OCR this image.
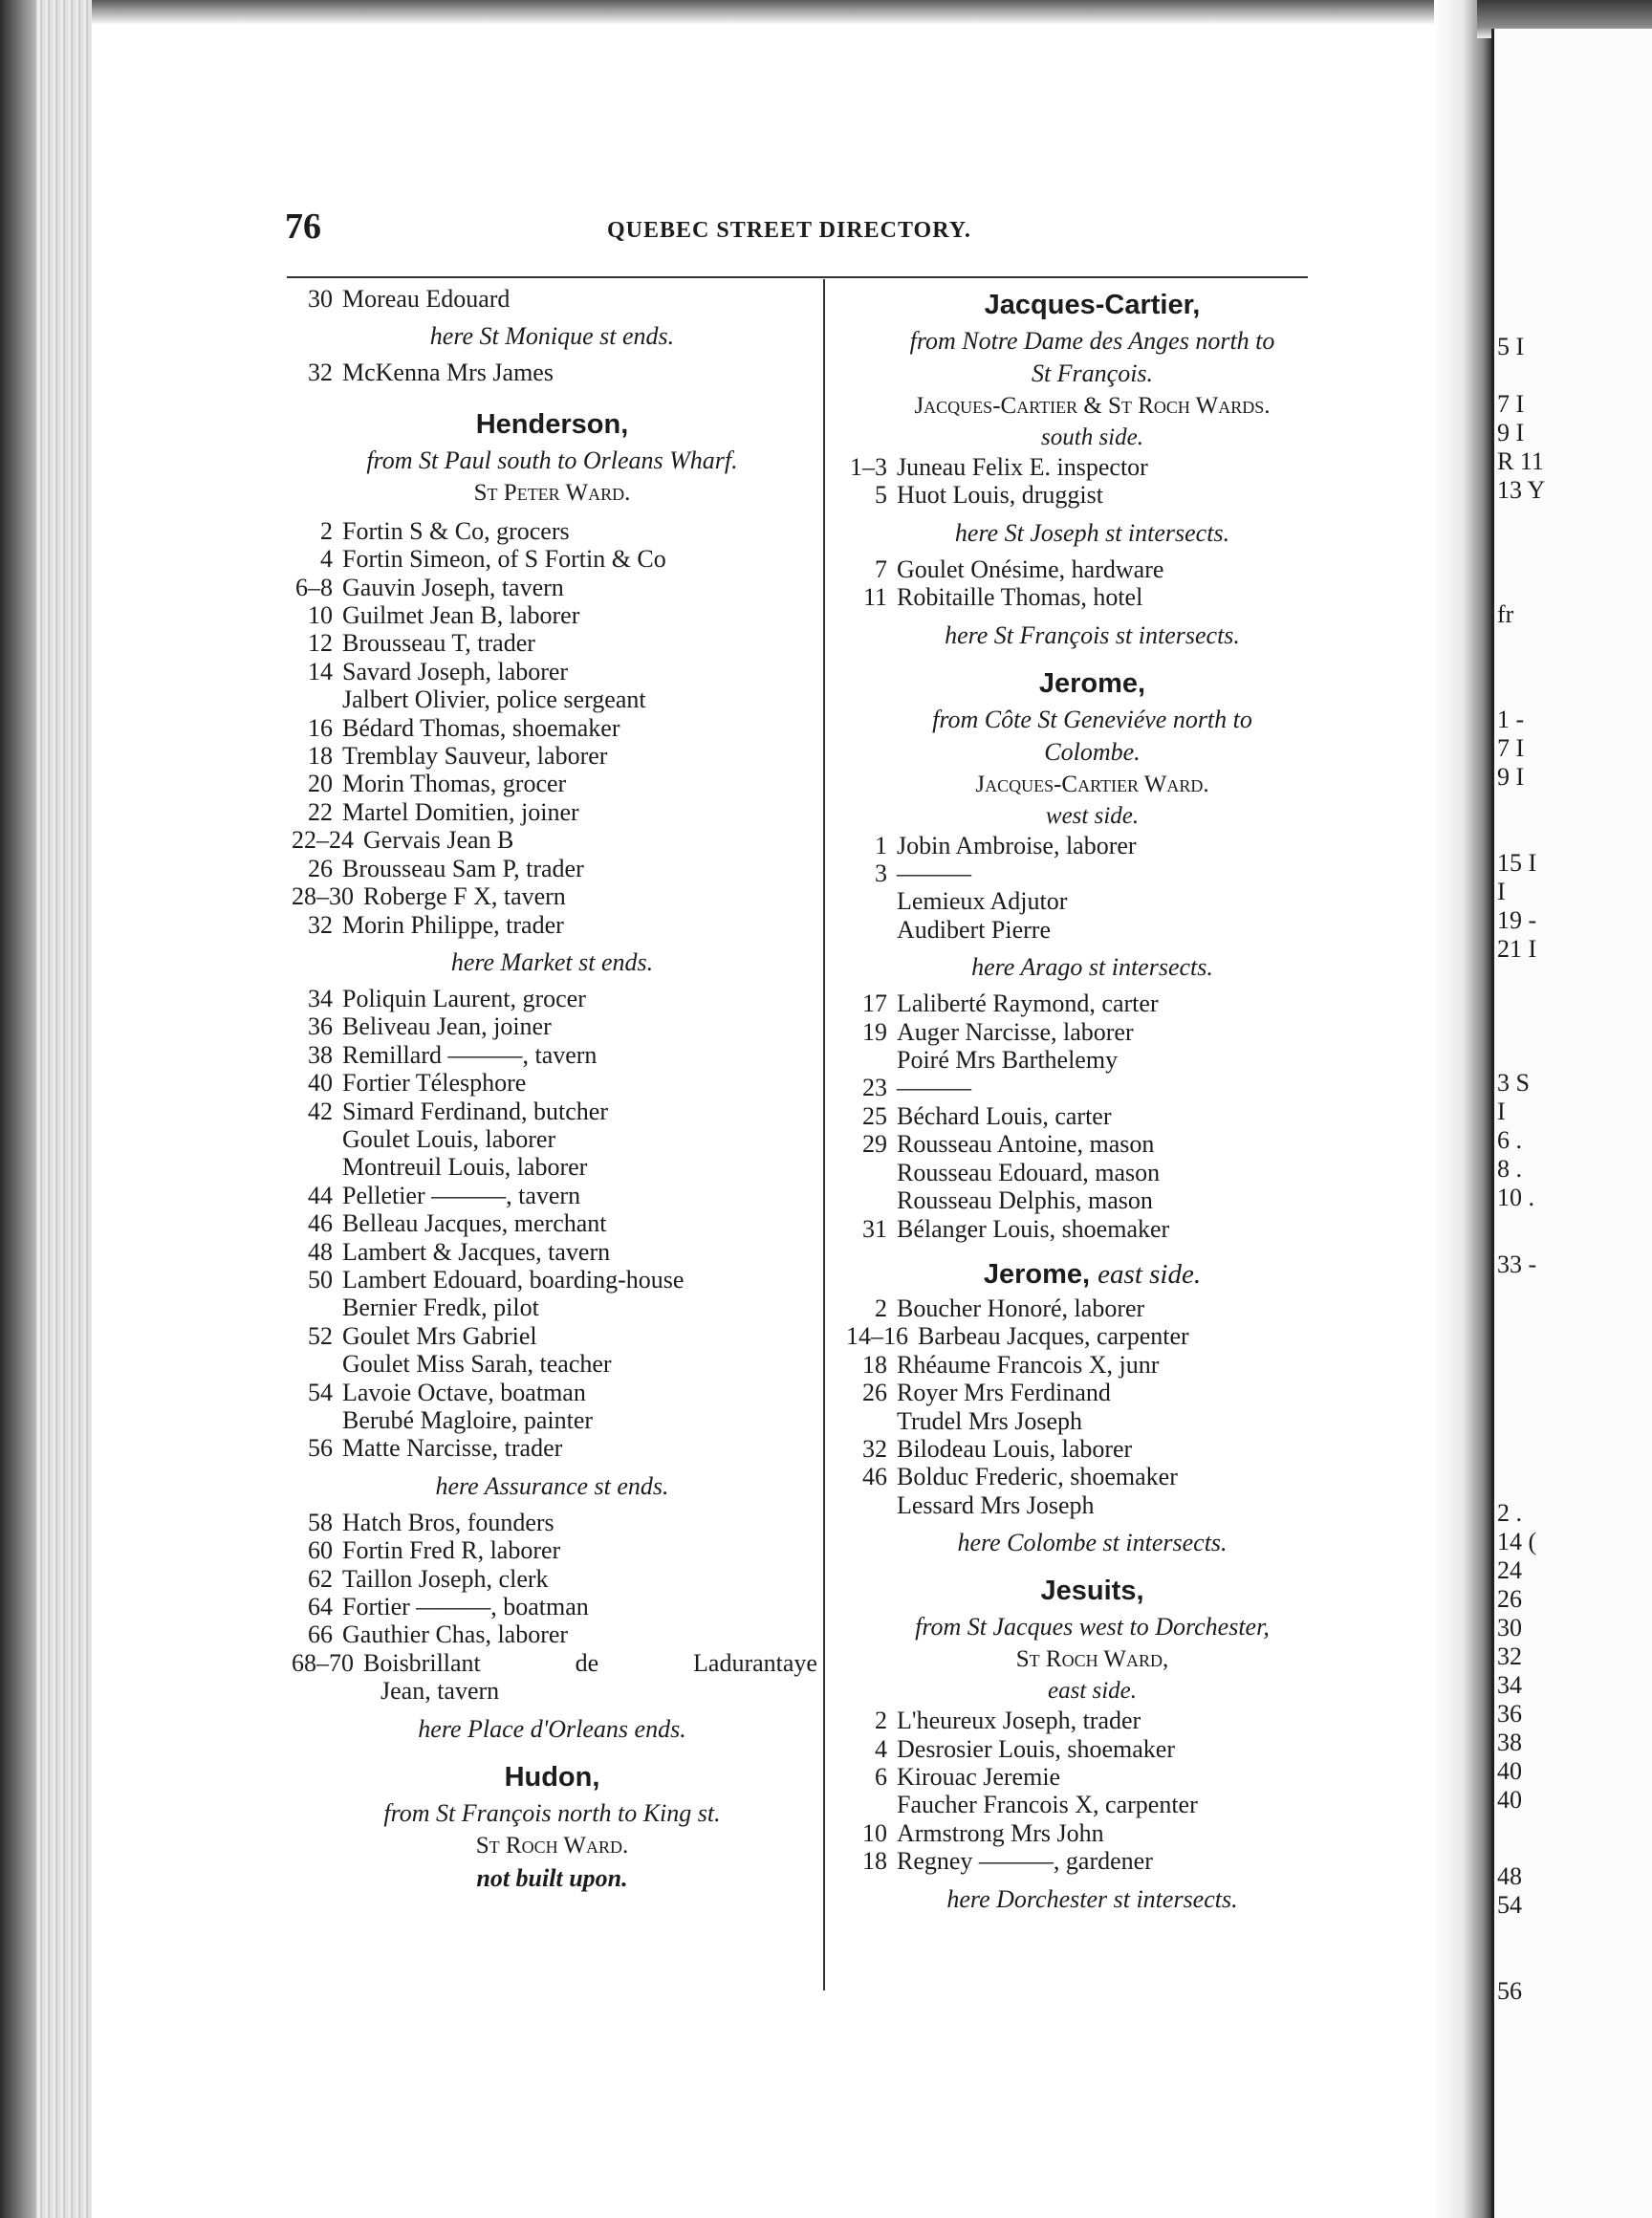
76	QUEBEC STREET DIRECTORY.
30 Moreau Edouard
here St Monique st ends.
32 McKenna Mrs James
Henderson,
from St Paul south to Orleans Wharf.
St Peter Ward.
2 Fortin S & Co, grocers
4 Fortin Simeon, of S Fortin & Co
6–8 Gauvin Joseph, tavern
10 Guilmet Jean B, laborer
12 Brousseau T, trader
14 Savard Joseph, laborer
Jalbert Olivier, police sergeant
16 Bédard Thomas, shoemaker
18 Tremblay Sauveur, laborer
20 Morin Thomas, grocer
22 Martel Domitien, joiner
22–24 Gervais Jean B
26 Brousseau Sam P, trader
28–30 Roberge F X, tavern
32 Morin Philippe, trader
here Market st ends.
34 Poliquin Laurent, grocer
36 Beliveau Jean, joiner
38 Remillard ———, tavern
40 Fortier Télesphore
42 Simard Ferdinand, butcher
Goulet Louis, laborer
Montreuil Louis, laborer
44 Pelletier ———, tavern
46 Belleau Jacques, merchant
48 Lambert & Jacques, tavern
50 Lambert Edouard, boarding-house
Bernier Fredk, pilot
52 Goulet Mrs Gabriel
Goulet Miss Sarah, teacher
54 Lavoie Octave, boatman
Berubé Magloire, painter
56 Matte Narcisse, trader
here Assurance st ends.
58 Hatch Bros, founders
60 Fortin Fred R, laborer
62 Taillon Joseph, clerk
64 Fortier ———, boatman
66 Gauthier Chas, laborer
68–70 Boisbrillant	de	Ladurantaye
Jean, tavern
here Place d'Orleans ends.
Hudon,
from St François north to King st.
St Roch Ward.
not built upon.
Jacques-Cartier,
from Notre Dame des Anges north to
St François.
Jacques-Cartier & St Roch Wards.
south side.
1–3 Juneau Felix E. inspector
5 Huot Louis, druggist
here St Joseph st intersects.
7 Goulet Onésime, hardware
11 Robitaille Thomas, hotel
here St François st intersects.
Jerome,
from Côte St Geneviéve north to
Colombe.
Jacques-Cartier Ward.
west side.
1 Jobin Ambroise, laborer
3 ———
Lemieux Adjutor
Audibert Pierre
here Arago st intersects.
17 Laliberté Raymond, carter
19 Auger Narcisse, laborer
Poiré Mrs Barthelemy
23 ———
25 Béchard Louis, carter
29 Rousseau Antoine, mason
Rousseau Edouard, mason
Rousseau Delphis, mason
31 Bélanger Louis, shoemaker
Jerome, east side.
2 Boucher Honoré, laborer
14–16 Barbeau Jacques, carpenter
18 Rhéaume Francois X, junr
26 Royer Mrs Ferdinand
Trudel Mrs Joseph
32 Bilodeau Louis, laborer
46 Bolduc Frederic, shoemaker
Lessard Mrs Joseph
here Colombe st intersects.
Jesuits,
from St Jacques west to Dorchester,
St Roch Ward,
east side.
2 L'heureux Joseph, trader
4 Desrosier Louis, shoemaker
6 Kirouac Jeremie
Faucher Francois X, carpenter
10 Armstrong Mrs John
18 Regney ———, gardener
here Dorchester st intersects.
5 I
7 I
9 I
R 11
13 Y
fr
1 -
7 I
9 I
15 I
I
19 -
21 I
3 S
I
6 .
8 .
10 .
33 -
2 .
14 (
24
26
30
32
34
36
38
40
40
48
54
56
